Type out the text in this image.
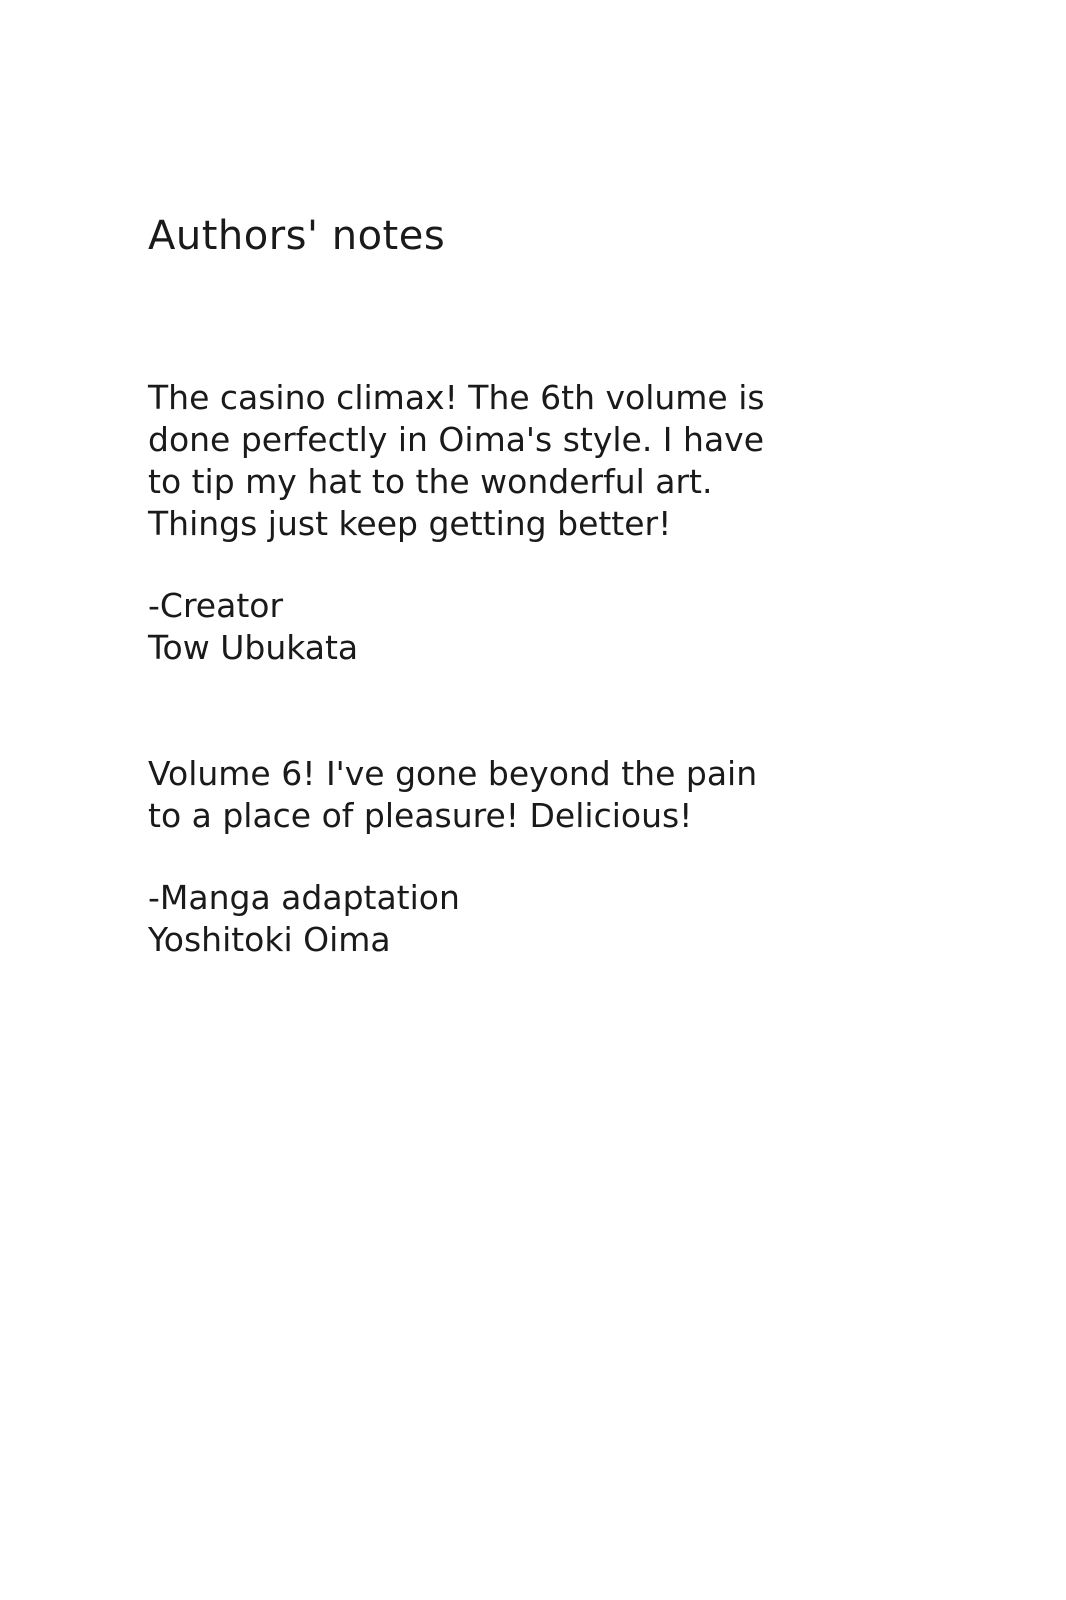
Authors' notes

The casino climax! The 6th volume is
done perfectly in Oima's style. I have
to tip my hat to the wonderful art.
Things just keep getting better!

-Creator
Tow Ubukata

Volume 6! I've gone beyond the pain
to a place of pleasure! Delicious!

-Manga adaptation
Yoshitoki Oima
